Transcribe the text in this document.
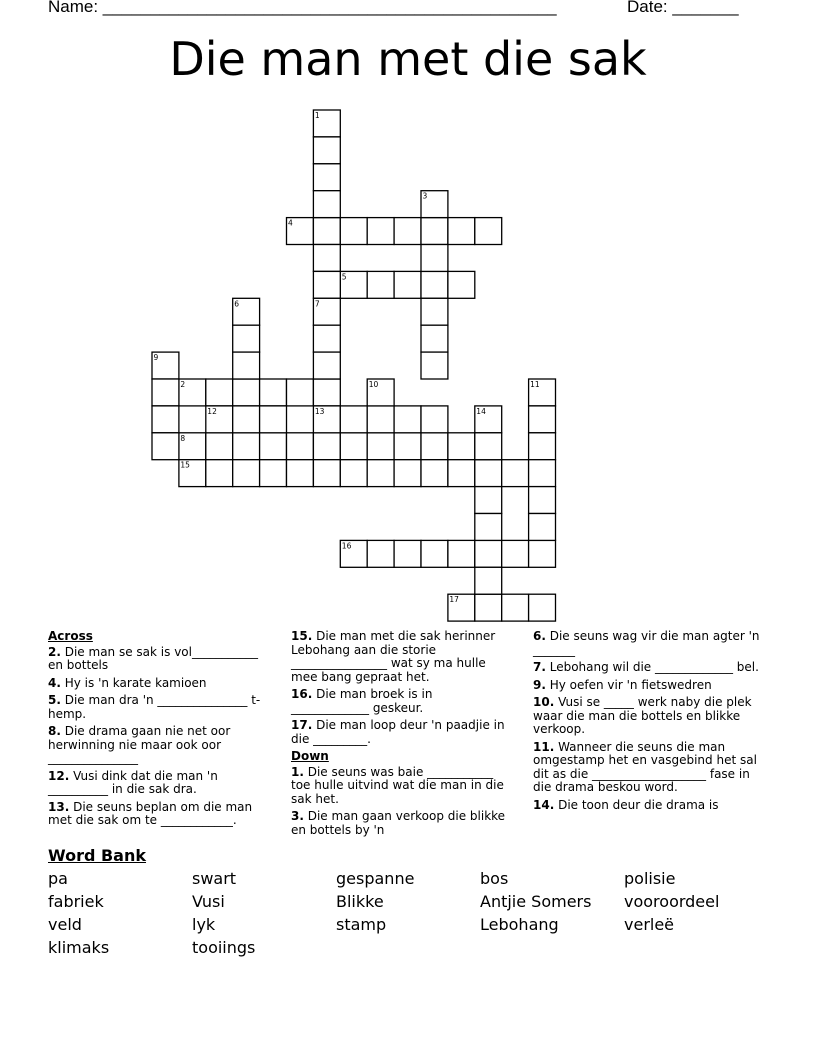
Name: ________________________________________________	Date: _______
Die man met die sak
2
4
5
8
12	13
15
16
17
1
3
6	7
9
10	11
14
Across
2. Die man se sak is vol___________ en bottels
4. Hy is 'n karate kamioen
5. Die man dra 'n _______________ t-hemp.
8. Die drama gaan nie net oor herwinning nie maar ook oor _______________
12. Vusi dink dat die man 'n __________ in die sak dra.
13. Die seuns beplan om die man met die sak om te ____________.
15. Die man met die sak herinner Lebohang aan die storie ________________ wat sy ma hulle mee bang gepraat het.
16. Die man broek is in _____________ geskeur.
17. Die man loop deur 'n paadjie in die _________.
Down
1. Die seuns was baie ___________ toe hulle uitvind wat die man in die sak het.
3. Die man gaan verkoop die blikke en bottels by 'n
6. Die seuns wag vir die man agter 'n _______
7. Lebohang wil die _____________ bel.
9. Hy oefen vir 'n fietswedren
10. Vusi se _____ werk naby die plek waar die man die bottels en blikke verkoop.
11. Wanneer die seuns die man omgestamp het en vasgebind het sal dit as die ___________________ fase in die drama beskou word.
14. Die toon deur die drama is
Word Bank
pa	swart	gespanne	bos	polisie
fabriek	Vusi	Blikke	Antjie Somers	vooroordeel
veld	lyk	stamp	Lebohang	verleë
klimaks	tooiings
